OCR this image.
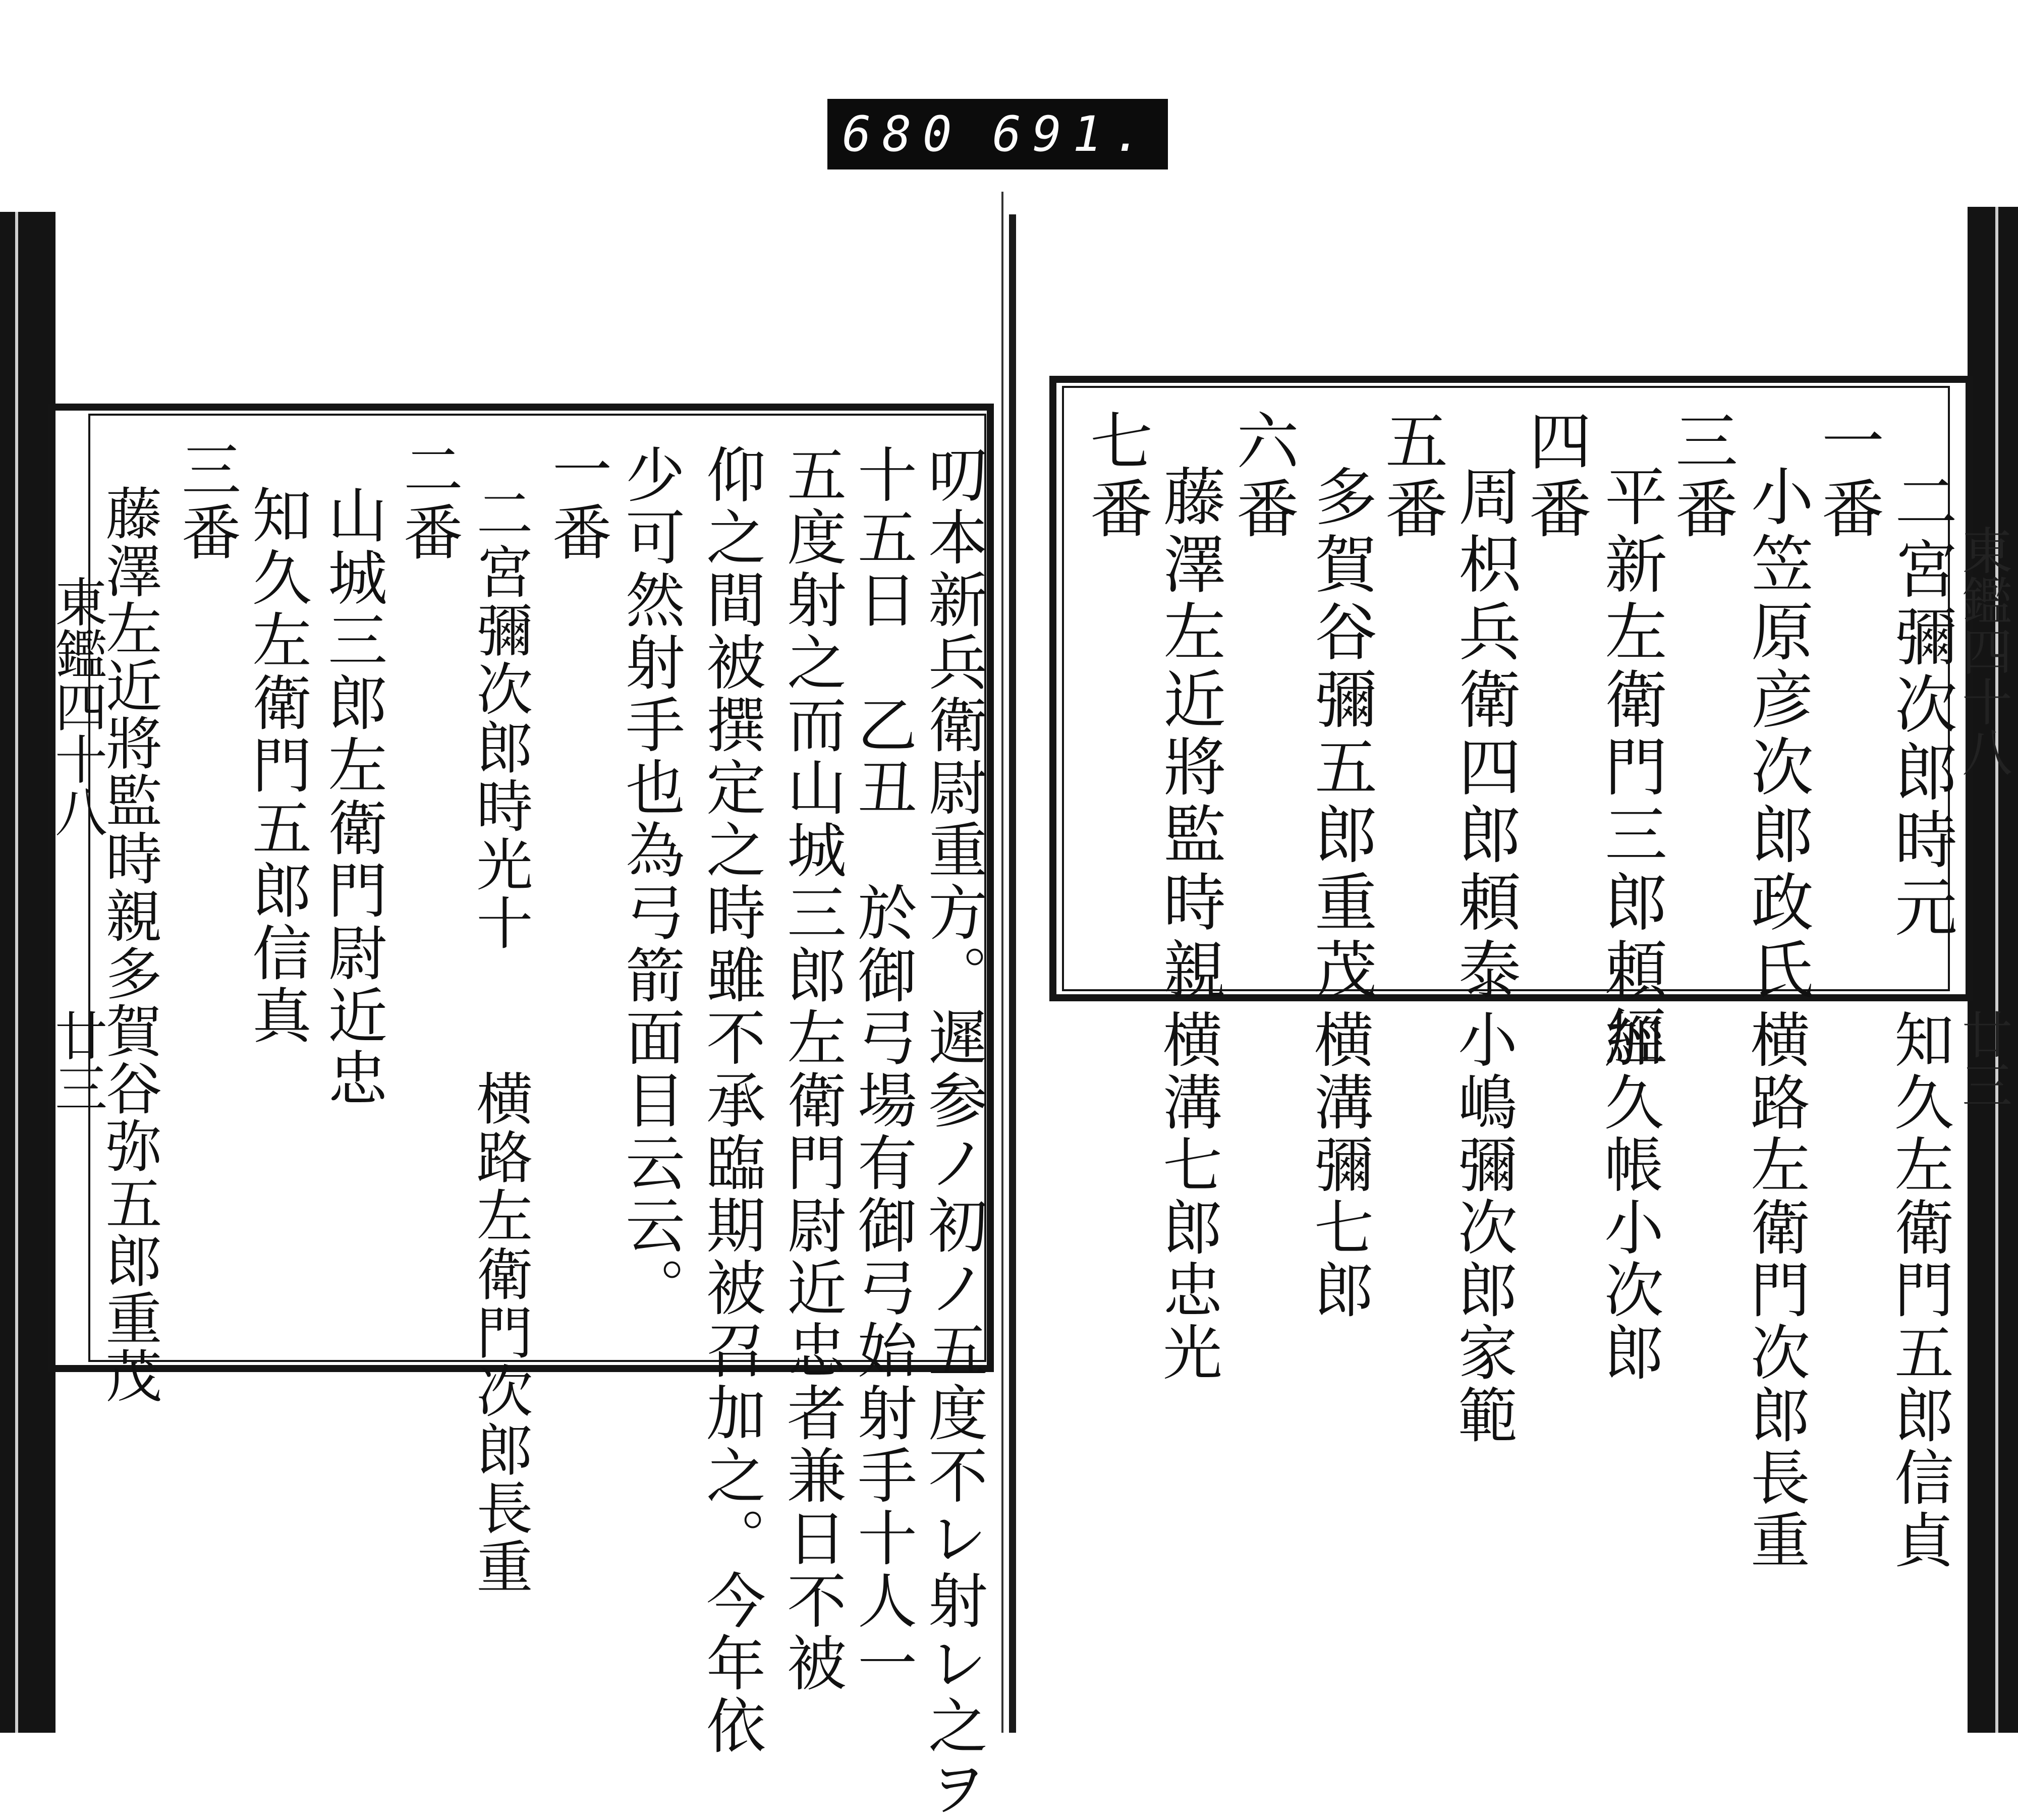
680 691.
東鑑四十八
廿三	叨本新兵衛尉重方。遲参ノ初ノ五度不レ射レ之ヲ
十五日　乙丑　於御弓場有御弓始射手十人一
五度射之而山城三郎左衛門尉近忠者兼日不被
仰之間被撰定之時雖不承臨期被召加之。今年依
少可然射手也為弓箭面目云云。
一番
二宮彌次郎時光十　　横路左衛門次郎長重
二番
山城三郎左衛門尉近忠
知久左衛門五郎信真
三番
藤澤左近將監時親多賀谷弥五郎重茂	東鑑四十八
廿三
二宮彌次郎時元
一番
小笠原彦次郎政氏
三番
平新左衛門三郎頼經
四番
周枳兵衛四郎頼泰
五番
多賀谷彌五郎重茂
六番
藤澤左近將監時親
七番
知久左衛門五郎信貞
横路左衛門次郎長重
加久帳小次郎
小嶋彌次郎家範
横溝彌七郎
横溝七郎忠光
